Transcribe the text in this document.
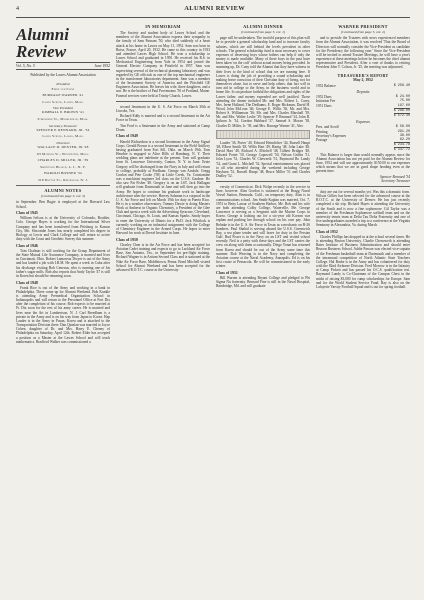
4	ALUMNI REVIEW
Alumni Review
Vol. 5, No. 5	June 1952
Published by the Lawes Alumni Association
President
Eddie von Cline
BURRAGE WARNER '41
Lawes School, Lawes, Mass.
Vice President
KIMBALL P. BROWN '41
9 Gelburn St., Marblehead, Mass.
Secretary-Treasurer
SPENCER P. RENNARD, JR. '34
Lawes School, Lawes, Mass.
Directors
WALLACE D. DEXTER, JR '28
63 Madison St., Winchester, Mass.
CHARLES D. MILLER, JR. '39
Smithtown Branch, L. I., N. Y.
HAROLD BOSNER '34
218 Dayton St., Ridgewood, N. J.
ALUMNI NOTES
(Continued from page 3, col. 3)

in September. Ben Bugie is employed at the Harvard Law School.

Class of 1945

William Ivilson is at the University of Colorado, Boulder, Colo. George Hayes is working for the International Silver Company and has been transferred from Pittsburg to Kansas City, Mo. Slocombe Jones has nearly completed his degree in Biology at Lewis and Clark College and will return to active duty with the Coast and Geodetic Survey this summer.

Class of 1946

Tom Chalmac is still working for the Group Department of the State Mutual Life Assurance Company, is married and lives in Cincinnati, Ohio. Robert Lamoreux Dwyer is out of the Army and has landed a job with I.B.M. He spent a week in Cuba after his discharge visiting Bob Cenerun, who is running one of his father's sugar mills. Bob also reports that Andy Taylor '47 is still in Korea but should be returning soon.

Class of 1948

Frank Rice is out of the Army and working in a bank in Philadelphia. There come up for Alumni Weekend. Bob Kunkle is attending Army Premedical Organization School in Indianapolis and will return to the Personnel Office at Fort Dix after the completion of his course. Bob expects to be married at Ft. Dix soon for the rest of his army career. He is married and lives near the Art in Lambertson, N. J. Carl Breedham is a private in the Army and is on his way from Japan to Korea. Hap Lauder is in the Army in Pusan, Korea and is attached to the Transportation Division there. Dan Quinlan was married to Joyce Cohen, daughter of Dr. and Mrs. Harry E. Cheney of Philadelphia on Saturday, April 12th. Robert Elder has accepted a position as a Master at the Lawes School and will teach mathematics. Bradford Walker was commissioned a

IN MEMORIAM

The Society and student body of Lawes School and the members of the Alumni Association express their sympathy to the family of Sam Putnam '50, who died suddenly of a heart attack at his home in Lawes on May 11, 1952. Sam was born in Boise, France, April 20, 1932. He came to this country in 1933 and attended Lawes High School. He won a scholarship to Lawes School and graduated in 1950. He received his B.S. in Mechanical Engineering from Yale in 1954 and joined the General Electric Company in Pittsfield in 1957. Sam was supervising several of the technical planning laboratory and was regarded by GE officials as one of the top mechanical engineers in the transformer laboratories department. Sam was a member of the Instrument Society of America and the Pittsfield GE Engineers Association. He leaves his wife, three daughters, and a son. He is the brother of Paul Provenzano '50 of Portland, Maine. Funeral services were held at Trinity Church, Lawes.

second lieutenant in the U. S. Air Force on March 30th at Lincoln, Tex.

Richard Eddy is married and is a second lieutenant in the Air Force in Texas.

Tim Ford is a lieutenant in the Army and stationed at Camp Drum.

Class of 1949

Harold Richardson is a second lieutenant in the Army Signal Corps. Gerald Brown is a second lieutenant in the Field Artillery having graduated from Fort Sill, Okla. on March 19th. Tom Hendrie is engaged to Alice Hills of Hamburg, N. Y. Their wedding plans are indefinite at the present. Tom will graduate from St. Lawrence University, Canton, N. Y. in June. Ernie Gregory will be discharged from the Navy in July and will return to college, probably at Fordham. George van Arsdale, Gregg Conlon and Pete Cooke ('50) at Little Creek, Va. Constantine was a machinist engineer 3rd class on the U.S.S. Gardner. He also saw Pat Fisher '48. Gregory is on an LST. Jack Hallagan will graduate from Dartmouth in June and will then go into the Army. He hopes to continue his graduate work in landscape architecture after the service. Harvey Salsman is a corporal in the U. S. Air Force and left on March 19th for duty in Puerto Rico. He is in a weather observatory. Tommy Dawie is doing Masters Work at Amherst in Organic Chemistry, a President of the Glee Club and spent a week with the Advertising Syracuse, Cleveland, Cincinnati, Chicago, St. Louis, and Kansas Sparks. Sandy hopes to enter the University of Illinois for a Ph.D. Jack Whitlock is currently working on an industrial assignment with the College of Chemistry Engineer in the Armed Corps. He hopes to enter Harvard for work at Drexel Institute in June.

Class of 1950

Charley Chen is in the Air Force and has been accepted for Aviation Cadet training and expects to go to Lackland Air Force Base, San Antonio, Tex., in September for pre-flight training. Richard Wagner is in Artium Second Class and is stationed at the Nike Air Force Base, Middletown, Penna. Bond Mitchell visited School for Alumni Weekend and has been accepted for the advanced R.O.T.C. course at the University

ALUMNI DINNER
(Continued from page 5, col. 1)

page will be undertaken. The twofold purpose of this plan will be to provide a general scholarship fund and to increase faculty salaries, which are still behind the levels prevalent in other schools. The general scholarship fund is most necessary to cover expenses of deserving boys whose fathers can help if only the money is made available. Many of these boys in the past have been taken 'on the cuff' without actual money being provided. In summing up, Dr. Cuny told the Alumni that they have witness in their lives to the kind of school that we are running here. If Lawes is doing the job of providing a sound scholarship and making brave conscious of their Christian duty of living, not for themselves alone, but to serve and help others, that fact will in turn aid in college to the Army, in the business world and in home life. It can produce faithful the obligations and rights of the Lawes father, and money expended are well justified. Those attending the dinner included Mr. and Mrs. Robert L. Carey, Mrs. Irene Holland, The Dedhams, E. Roger Hickman, David H. Wood, John McLean '46; George E. Willis '36, Mr. and Mrs. Robert S. Williamson '36; Mr. and Mrs. Charles Marshall '39, Mr. and Mrs. Walter Leslie '39; Spencer P. Rennard '34, John R. Ipthorn Jr. '34, Gordon Hubbard '37, Samuel S. Moran '38, Charles D. Miller, Jr. '39, and Mrs. Burrage Warner '41, Alec

Lauder '36, Porter '40, Edward Heimlicher '44, Russell Haupt '48, Elbert Smith '48, Willis Hart '49, Hartig '48, John Lake '48, David Hart '48, Richard A. Mitchell '48, Gilbert Bridges '48, Edward Porter '50, George Capowell '50, Nelson Griffin '51, John Lyon '51, Charles W. Chewerth '51, Raymond Bo Lundy '52, and Grant L. Mitchell '52. Special entertainment was placed to all who attended during the weekend including George Hayburn '51, Russell Haupt '48, Bruce Miller '51 and Charles Dudley '52.

versity of Connecticut. Dick Wolpe recently in the service in June, however. Alan Gordon is stationed at the Bragg Naval Vessel Station, Bermuda, Calif., on temporary duty. Alan is in communications school. Jim Smith-Kaplan was married, Oct. 7, 1951 to Betty Latour of Southern Harbor, Me. Bob and his wife are both attending Colby College, Waterville, Me. George Lawrence is serving as a Sergeant with the Marine Corps in Korea. George is looking out for a six-year old Korean war orphan and pushing her through school on his own pay. John Behnke is in the U. S. Air Force in Texas as a mechanic on B-26 bombers. Paul Shahid is serving aboard the U.S.S. Greenwich Bay, a sea plane tender and will leave for duty in the Persian Gulf. Bud Fisser is in the Navy on an LST and visited school recently. Neil is a petty with these days and the LST carries the crew on along with them occasionally. Diego Yonai has returned from Korea and should be out of the Army some time this summer. Bob Weaving is in the Navy and completing the Aviation course at the Naval Academy, Annapolis. Ed is on his first cruise at Pensacola. He will be commissioned in the early winter.

Class of 1951

Bill Warren is attending Bryant College and pledged to Phi Sigma Nu fraternity. Bernard Fine is still in the Naval Hospital, Bainbridge, Md. and will graduate

WARNER PRESIDENT
(Continued from page 5, col. 2)

and to provide the Trustees with news experienced members from the Alumni Association, it was resolved 'That the Board of Directors will normally consider the Vice-President as candidate for the Presidency the following year.' Since the Vice-President will be invited to attend Trustee Meetings, he will have a year's experience at these meetings before he becomes the chief alumni representative and President. After a vote of thanks to retiring President John T. Colson, Jr. '25, the meeting was adjourned.

TREASURER'S REPORT
May 2, 1952
1952 Balance	$ 256.40
Deposits
1952 Dues	$ 24.00
Initiation Fee	75.00
1951 Dues	197.00
$ 296.00
$ 572.30
Expenses
Pres. and Scroll	$ 58.00
Printing	291.20
Secretary's Expenses	38.00
Postage	82.20
$ 234.78
$ 337.72

This Balance is larger than would normally appear, since the Alumni Association has not yet paid for the Alumni Review for June, 1952 and will use approximately $150.00 to our expenses which means that we are in good shape heading even at the present time.

Spencer Rennard '34
Secretary-Treasurer

duty are out for several months yet. Was this a dramatic form. Wilson Gillies has been selected for the advanced course at the R.O.T.C. at the University of Denver. He has just recently completed a ski trip. Richard Hayes is attending the University of the South and is now a fine sophomore. Gil Taylor was a member of the Freshman Sophomore softball team and on the university tennis team at Delta Tau Delta Fraternity and one of five undergraduates awarded a trip to a conference at the Virginia Seminary in Alexandria, Va. during March.

Class of 1952

Charles Phillips has dropped in at the school several times. He is attending Boston University. Charlie Chenoweth is attending Bates Institute of Business Administration and should enter Beacon Business School. Addie Passon was elected vice-captain of the Freshman basketball team at Dartmouth and a member of the intramural competition of North Atlantic State Teachers College. Hal Burke is in the Army and has volunteered for duty with the 82nd Airborne Division. Fred Morrow is in the Infantry at Camp Pickett and has passed his O.C.S. qualification test. Raymond Lundy is Co-Chairman of the Campus Chest in the midst of raising $3,000 for camp scholarships for Europe. Sam and for the World Student Service Fund. Ray is also on the Lafayette Varsity Football Squad and is out for spring football.
